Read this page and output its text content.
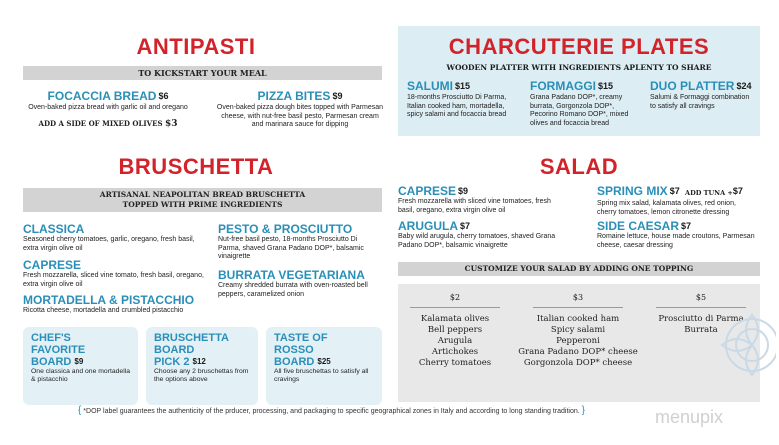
ANTIPASTI
TO KICKSTART YOUR MEAL
FOCACCIA BREAD $^{\$6}$
Oven-baked pizza bread with garlic oil and oregano
ADD A SIDE OF MIXED OLIVES $3
PIZZA BITES $^{\$9}$
Oven-baked pizza dough bites topped with Parmesan cheese, with nut-free basil pesto, Parmesan cream and marinara sauce for dipping
CHARCUTERIE PLATES
WOODEN PLATTER WITH INGREDIENTS APLENTY TO SHARE
SALUMI $^{\$15}$
18-months Prosciutto Di Parma, Italian cooked ham, mortadella, spicy salami and focaccia bread
FORMAGGI $^{\$15}$
Grana Padano DOP*, creamy burrata, Gorgonzola DOP*, Pecorino Romano DOP*, mixed olives and focaccia bread
DUO PLATTER $^{\$24}$
Salumi & Formaggi combination to satisfy all cravings
BRUSCHETTA
ARTISANAL NEAPOLITAN BREAD BRUSCHETTA
TOPPED WITH PRIME INGREDIENTS
CLASSICA
Seasoned cherry tomatoes, garlic, oregano, fresh basil, extra virgin olive oil
CAPRESE
Fresh mozzarella, sliced vine tomato, fresh basil, oregano, extra virgin olive oil
MORTADELLA & PISTACCHIO
Ricotta cheese, mortadella and crumbled pistacchio
PESTO & PROSCIUTTO
Nut-free basil pesto, 18-months Prosciutto Di Parma, shaved Grana Padano DOP*, balsamic vinaigrette
BURRATA VEGETARIANA
Creamy shredded burrata with oven-roasted bell peppers, caramelized onion
CHEF'S
FAVORITE
BOARD $^{\$9}$
One classica and one mortadella & pistacchio
BRUSCHETTA
BOARD
PICK 2 $^{\$12}$
Choose any 2 bruschettas from the options above
TASTE OF
ROSSO
BOARD $^{\$25}$
All five bruschettas to satisfy all cravings
SALAD
CAPRESE $^{\$9}$
Fresh mozzarella with sliced vine tomatoes, fresh basil, oregano, extra virgin olive oil
SPRING MIX $^{\$7}$ ADD TUNA +$^{\$7}$
Spring mix salad, kalamata olives, red onion, cherry tomatoes, lemon citronette dressing
ARUGULA $^{\$7}$
Baby wild arugula, cherry tomatoes, shaved Grana Padano DOP*, balsamic vinaigrette
SIDE CAESAR $^{\$7}$
Romaine lettuce, house made croutons, Parmesan cheese, caesar dressing
CUSTOMIZE YOUR SALAD BY ADDING ONE TOPPING
$2
Kalamata olives
Bell peppers
Arugula
Artichokes
Cherry tomatoes
$3
Italian cooked ham
Spicy salami
Pepperoni
Grana Padano DOP* cheese
Gorgonzola DOP* cheese
$5
Prosciutto di Parma
Burrata
{ *DOP label guarantees the authenticity of the prducer, processing, and packaging to specific geographical zones in Italy and according to long standing tradition. }	menupix
